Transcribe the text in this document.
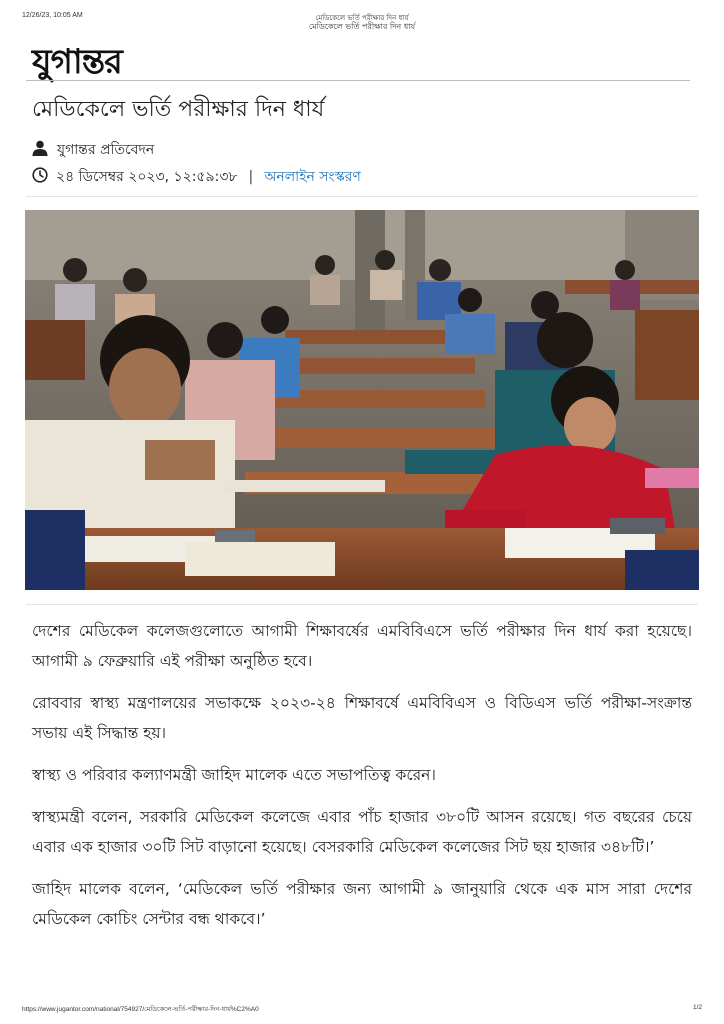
12/26/23, 10:05 AM	মেডিকেলে ভর্তি পরীক্ষার দিন ধার্য
মেডিকেলে ভর্তি পরীক্ষার দিন ধার্য
যুগান্তর
মেডিকেলে ভর্তি পরীক্ষার দিন ধার্য
যুগান্তর প্রতিবেদন
২৪ ডিসেম্বর ২০২৩, ১২:৫৯:৩৮ | অনলাইন সংস্করণ

দেশের মেডিকেল কলেজগুলোতে আগামী শিক্ষাবর্ষের এমবিবিএসে ভর্তি পরীক্ষার দিন ধার্য করা হয়েছে। আগামী ৯ ফেব্রুয়ারি এই পরীক্ষা অনুষ্ঠিত হবে।

রোববার স্বাস্থ্য মন্ত্রণালয়ের সভাকক্ষে ২০২৩-২৪ শিক্ষাবর্ষে এমবিবিএস ও বিডিএস ভর্তি পরীক্ষা-সংক্রান্ত সভায় এই সিদ্ধান্ত হয়।

স্বাস্থ্য ও পরিবার কল্যাণমন্ত্রী জাহিদ মালেক এতে সভাপতিত্ব করেন।

স্বাস্থ্যমন্ত্রী বলেন, সরকারি মেডিকেল কলেজে এবার পাঁচ হাজার ৩৮০টি আসন রয়েছে। গত বছরের চেয়ে এবার এক হাজার ৩০টি সিট বাড়ানো হয়েছে। বেসরকারি মেডিকেল কলেজের সিট ছয় হাজার ৩৪৮টি।’

জাহিদ মালেক বলেন, ‘মেডিকেল ভর্তি পরীক্ষার জন্য আগামী ৯ জানুয়ারি থেকে এক মাস সারা দেশের মেডিকেল কোচিং সেন্টার বন্ধ থাকবে।’

https://www.jugantor.com/national/754927/মেডিকেলে-ভর্তি-পরীক্ষার-দিন-ধার্য%C2%A0	1/2
